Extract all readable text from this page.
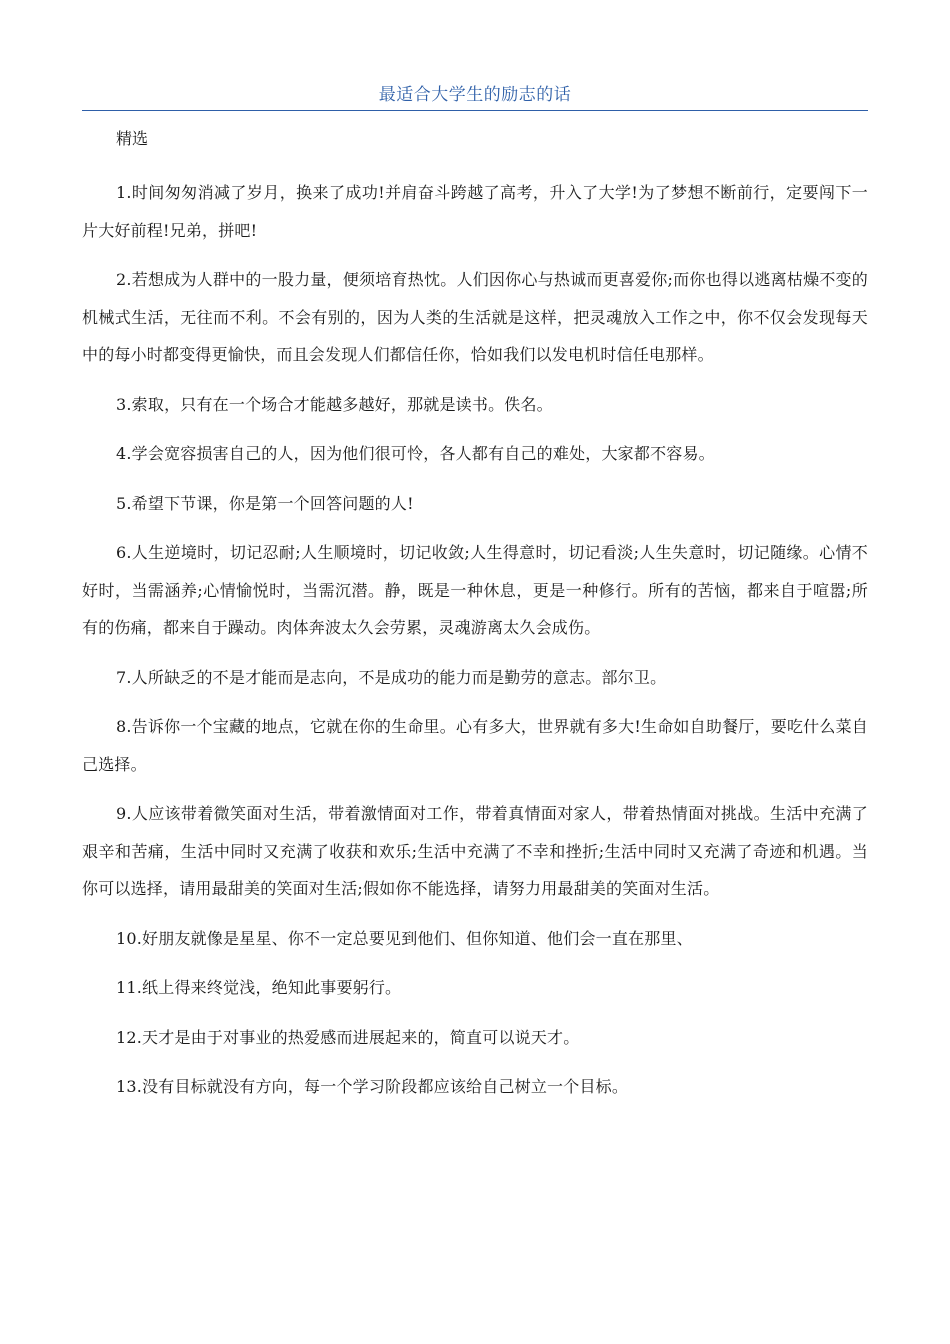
最适合大学生的励志的话

精选

1.时间匆匆消减了岁月，换来了成功!并肩奋斗跨越了高考，升入了大学!为了梦想不断前行，定要闯下一片大好前程!兄弟，拼吧!

2.若想成为人群中的一股力量，便须培育热忱。人们因你心与热诚而更喜爱你;而你也得以逃离枯燥不变的机械式生活，无往而不利。不会有别的，因为人类的生活就是这样，把灵魂放入工作之中，你不仅会发现每天中的每小时都变得更愉快，而且会发现人们都信任你，恰如我们以发电机时信任电那样。

3.索取，只有在一个场合才能越多越好，那就是读书。佚名。

4.学会宽容损害自己的人，因为他们很可怜，各人都有自己的难处，大家都不容易。

5.希望下节课，你是第一个回答问题的人!

6.人生逆境时，切记忍耐;人生顺境时，切记收敛;人生得意时，切记看淡;人生失意时，切记随缘。心情不好时，当需涵养;心情愉悦时，当需沉潜。静，既是一种休息，更是一种修行。所有的苦恼，都来自于喧嚣;所有的伤痛，都来自于躁动。肉体奔波太久会劳累，灵魂游离太久会成伤。

7.人所缺乏的不是才能而是志向，不是成功的能力而是勤劳的意志。部尔卫。

8.告诉你一个宝藏的地点，它就在你的生命里。心有多大，世界就有多大!生命如自助餐厅，要吃什么菜自己选择。

9.人应该带着微笑面对生活，带着激情面对工作，带着真情面对家人，带着热情面对挑战。生活中充满了艰辛和苦痛，生活中同时又充满了收获和欢乐;生活中充满了不幸和挫折;生活中同时又充满了奇迹和机遇。当你可以选择，请用最甜美的笑面对生活;假如你不能选择，请努力用最甜美的笑面对生活。

10.好朋友就像是星星、你不一定总要见到他们、但你知道、他们会一直在那里、

11.纸上得来终觉浅，绝知此事要躬行。

12.天才是由于对事业的热爱感而进展起来的，简直可以说天才。

13.没有目标就没有方向，每一个学习阶段都应该给自己树立一个目标。
